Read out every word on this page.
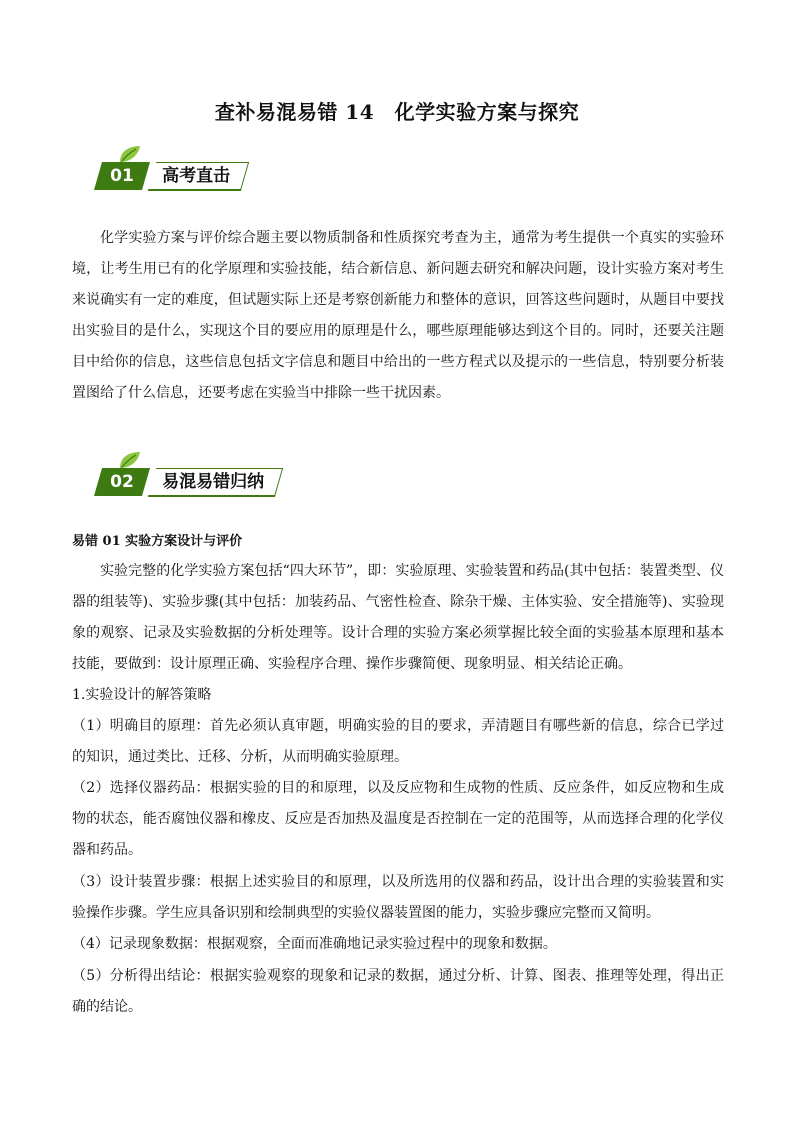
查补易混易错 14　化学实验方案与探究
01	高考直击
化学实验方案与评价综合题主要以物质制备和性质探究考查为主，通常为考生提供一个真实的实验环境，让考生用已有的化学原理和实验技能，结合新信息、新问题去研究和解决问题，设计实验方案对考生来说确实有一定的难度，但试题实际上还是考察创新能力和整体的意识，回答这些问题时，从题目中要找出实验目的是什么，实现这个目的要应用的原理是什么，哪些原理能够达到这个目的。同时，还要关注题目中给你的信息，这些信息包括文字信息和题目中给出的一些方程式以及提示的一些信息，特别要分析装置图给了什么信息，还要考虑在实验当中排除一些干扰因素。
02	易混易错归纳
易错 01 实验方案设计与评价
实验完整的化学实验方案包括“四大环节”，即：实验原理、实验装置和药品(其中包括：装置类型、仪器的组装等)、实验步骤(其中包括：加装药品、气密性检查、除杂干燥、主体实验、安全措施等)、实验现象的观察、记录及实验数据的分析处理等。设计合理的实验方案必须掌握比较全面的实验基本原理和基本技能，要做到：设计原理正确、实验程序合理、操作步骤简便、现象明显、相关结论正确。
1.实验设计的解答策略
（1）明确目的原理：首先必须认真审题，明确实验的目的要求，弄清题目有哪些新的信息，综合已学过的知识，通过类比、迁移、分析，从而明确实验原理。
（2）选择仪器药品：根据实验的目的和原理，以及反应物和生成物的性质、反应条件，如反应物和生成物的状态，能否腐蚀仪器和橡皮、反应是否加热及温度是否控制在一定的范围等，从而选择合理的化学仪器和药品。
（3）设计装置步骤：根据上述实验目的和原理，以及所选用的仪器和药品，设计出合理的实验装置和实验操作步骤。学生应具备识别和绘制典型的实验仪器装置图的能力，实验步骤应完整而又简明。
（4）记录现象数据：根据观察，全面而准确地记录实验过程中的现象和数据。
（5）分析得出结论：根据实验观察的现象和记录的数据，通过分析、计算、图表、推理等处理，得出正确的结论。
